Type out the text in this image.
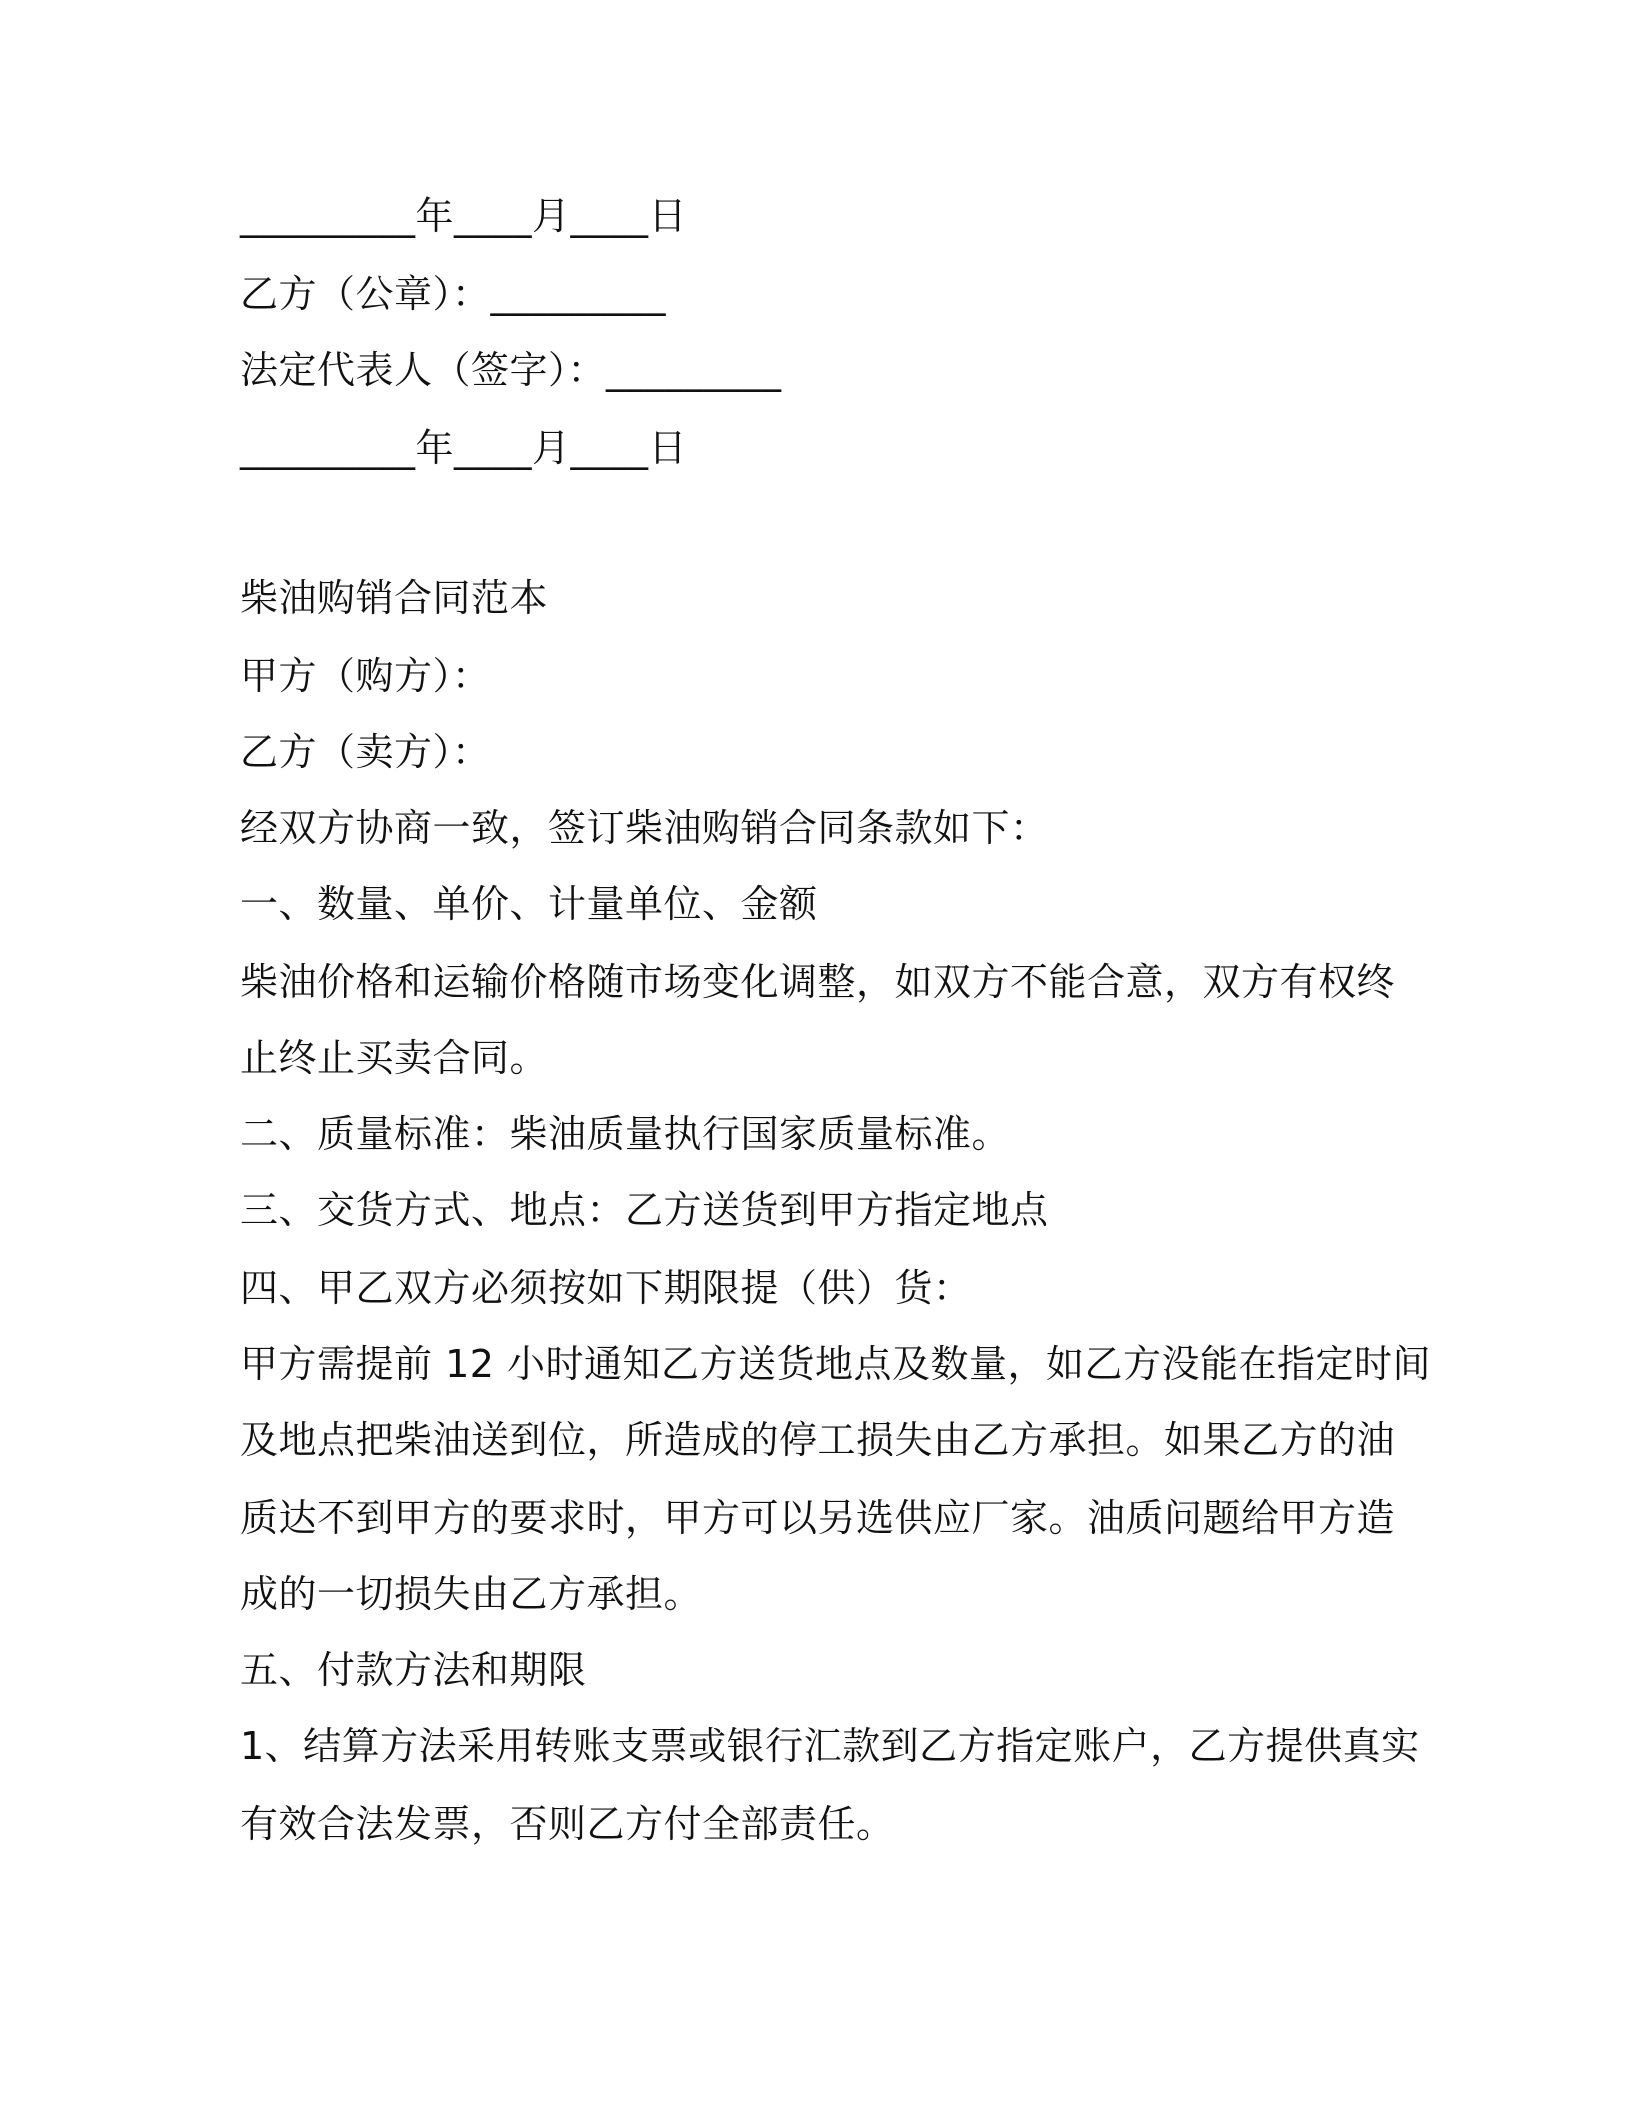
_________年____月____日
乙方（公章）：_________
法定代表人（签字）：_________
_________年____月____日
柴油购销合同范本
甲方（购方）：
乙方（卖方）：
经双方协商一致，签订柴油购销合同条款如下：
一、数量、单价、计量单位、金额
柴油价格和运输价格随市场变化调整，如双方不能合意，双方有权终
止终止买卖合同。
二、质量标准：柴油质量执行国家质量标准。
三、交货方式、地点：乙方送货到甲方指定地点
四、甲乙双方必须按如下期限提（供）货：
甲方需提前 12 小时通知乙方送货地点及数量，如乙方没能在指定时间
及地点把柴油送到位，所造成的停工损失由乙方承担。如果乙方的油
质达不到甲方的要求时，甲方可以另选供应厂家。油质问题给甲方造
成的一切损失由乙方承担。
五、付款方法和期限
1、结算方法采用转账支票或银行汇款到乙方指定账户，乙方提供真实
有效合法发票，否则乙方付全部责任。
